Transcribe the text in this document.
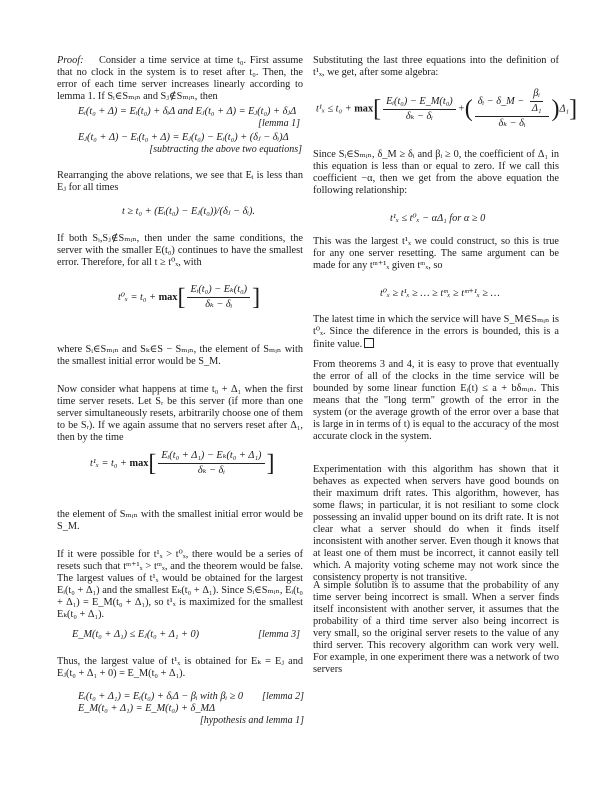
Proof: Consider a time service at time t₀. First assume that no clock in the system is to reset after t₀. Then, the error of each time server increases linearly according to lemma 1. If Sᵢ∈Sₘᵢₙ and Sⱼ∉Sₘᵢₙ, then
Eᵢ(t₀ + Δ) = Eᵢ(t₀) + δᵢΔ and Eⱼ(t₀ + Δ) = Eⱼ(t₀) + δⱼΔ
[lemma 1]
Eⱼ(t₀ + Δ) − Eᵢ(t₀ + Δ) = Eⱼ(t₀) − Eᵢ(t₀) + (δⱼ − δᵢ)Δ
[subtracting the above two equations]
Rearranging the above relations, we see that Eᵢ is less than Eⱼ for all times
t ≥ t₀ + (Eᵢ(t₀) − Eⱼ(t₀))/(δⱼ − δᵢ).
If both Sᵢ,Sⱼ∉Sₘᵢₙ, then under the same conditions, the server with the smaller E(t₀) continues to have the smallest error. Therefore, for all t ≥ t⁰ₓ, with
$t^0_x = t_0 + \max[ \frac{\text{Eᵢ(t₀) − Eₖ(t₀)}}{\text{δₖ − δᵢ}}$ ]
where Sᵢ∈Sₘᵢₙ and Sₖ∈S − Sₘᵢₙ, the element of Sₘᵢₙ with the smallest initial error would be S_M.
Now consider what happens at time t₀ + Δ₁ when the first time server resets. Let Sᵣ be this server (if more than one server simultaneously resets, arbitrarily choose one of them to be Sᵣ). If we again assume that no servers reset after Δ₁, then by the time
$t^1_x = t_0 + \max[ \frac{\text{Eᵢ(t₀ + Δ₁) − Eₖ(t₀ + Δ₁)}}{\text{δₖ − δᵢ}}$ ]
the element of Sₘᵢₙ with the smallest initial error would be S_M.
If it were possible for t¹ₓ > t⁰ₓ, there would be a series of resets such that tᵐ⁺¹ₓ > tᵐₓ, and the theorem would be false. The largest values of t¹ₓ would be obtained for the largest Eᵢ(t₀ + Δ₁) and the smallest Eₖ(t₀ + Δ₁). Since Sᵢ∈Sₘᵢₙ, Eᵢ(t₀ + Δ₁) = E_M(t₀ + Δ₁), so t¹ₓ is maximized for the smallest Eₖ(t₀ + Δ₁).
E_M(t₀ + Δ₁) ≤ Eⱼ(t₀ + Δ₁ + 0)	[lemma 3]
Thus, the largest value of t¹ₓ is obtained for Eₖ = Eⱼ and Eⱼ(t₀ + Δ₁ + 0) = E_M(t₀ + Δ₁).
Eᵢ(t₀ + Δ₁) = Eᵢ(t₀) + δᵢΔ − βᵢ with βᵢ ≥ 0 [lemma 2]
E_M(t₀ + Δ₁) = E_M(t₀) + δ_MΔ
[hypothesis and lemma 1]
Substituting the last three equations into the definition of t¹ₓ, we get, after some algebra:
$t^1_x \le t_0 + \max[ \frac{\text{Eᵢ(t₀) − E\_M(t₀)}}{\text{δₖ − δᵢ}}$ +( $\frac{\delta ᵢ - \delta\_M - \frac{\text{βᵢ}}{\text{Δ₁}}}{\text{δₖ − δᵢ}} )\Delta_1$]
Since Sᵢ∈Sₘᵢₙ, δ_M ≥ δᵢ and βᵢ ≥ 0, the coefficient of Δ₁ in this equation is less than or equal to zero. If we call this coefficient −α, then we get from the above equation the following relationship:
t¹ₓ ≤ t⁰ₓ − αΔ₁ for α ≥ 0
This was the largest t¹ₓ we could construct, so this is true for any one server resetting. The same argument can be made for any tᵐ⁺¹ₓ given tᵐₓ, so
t⁰ₓ ≥ t¹ₓ ≥ … ≥ tᵐₓ ≥ tᵐ⁺¹ₓ ≥ …
The latest time in which the service will have S_M∈Sₘᵢₙ is t⁰ₓ. Since the diference in the errors is bounded, this is a finite value.
From theorems 3 and 4, it is easy to prove that eventually the error of all of the clocks in the time service will be bounded by some linear function Eᵢ(t) ≤ a + bδₘᵢₙ. This means that the "long term" growth of the error in the system (or the average growth of the error over a base that is large in in terms of t) is equal to the accuracy of the most accurate clock in the system.
Experimentation with this algorithm has shown that it behaves as expected when servers have good bounds on their maximum drift rates. This algorithm, however, has some flaws; in particular, it is not resiliant to some clock possessing an invalid upper bound on its drift rate. It is not clear what a server should do when it finds itself inconsistent with another server. Even though it knows that at least one of them must be incorrect, it cannot easily tell which. A majority voting scheme may not work since the consistency property is not transitive.
A simple solution is to assume that the probability of any time server being incorrect is small. When a server finds itself inconsistent with another server, it assumes that the probability of a third time server also being incorrect is very small, so the original server resets to the value of any third server. This recovery algorithm can work very well. For example, in one experiment there was a network of two servers
